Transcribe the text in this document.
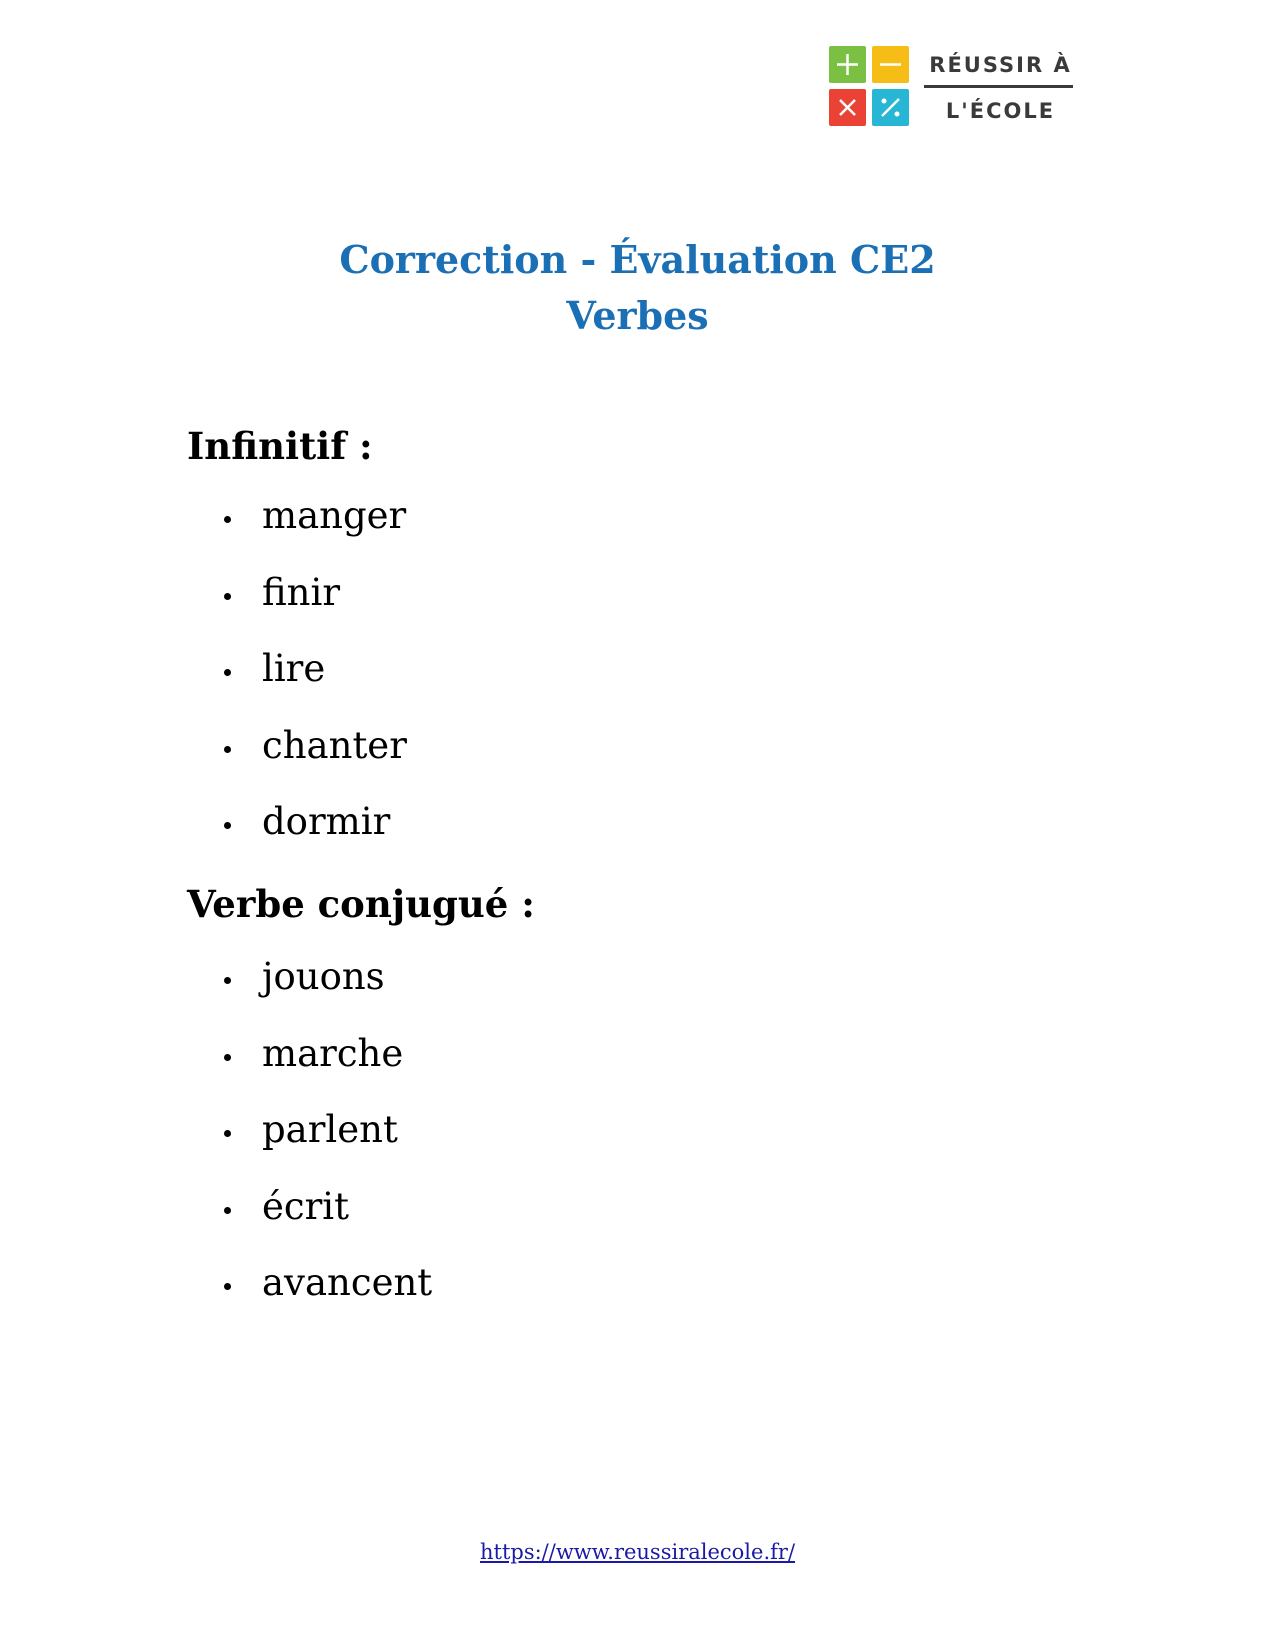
RÉUSSIR À
L'ÉCOLE
Correction - Évaluation CE2
Verbes
Infinitif :
manger
finir
lire
chanter
dormir
Verbe conjugué :
jouons
marche
parlent
écrit
avancent
https://www.reussiralecole.fr/
